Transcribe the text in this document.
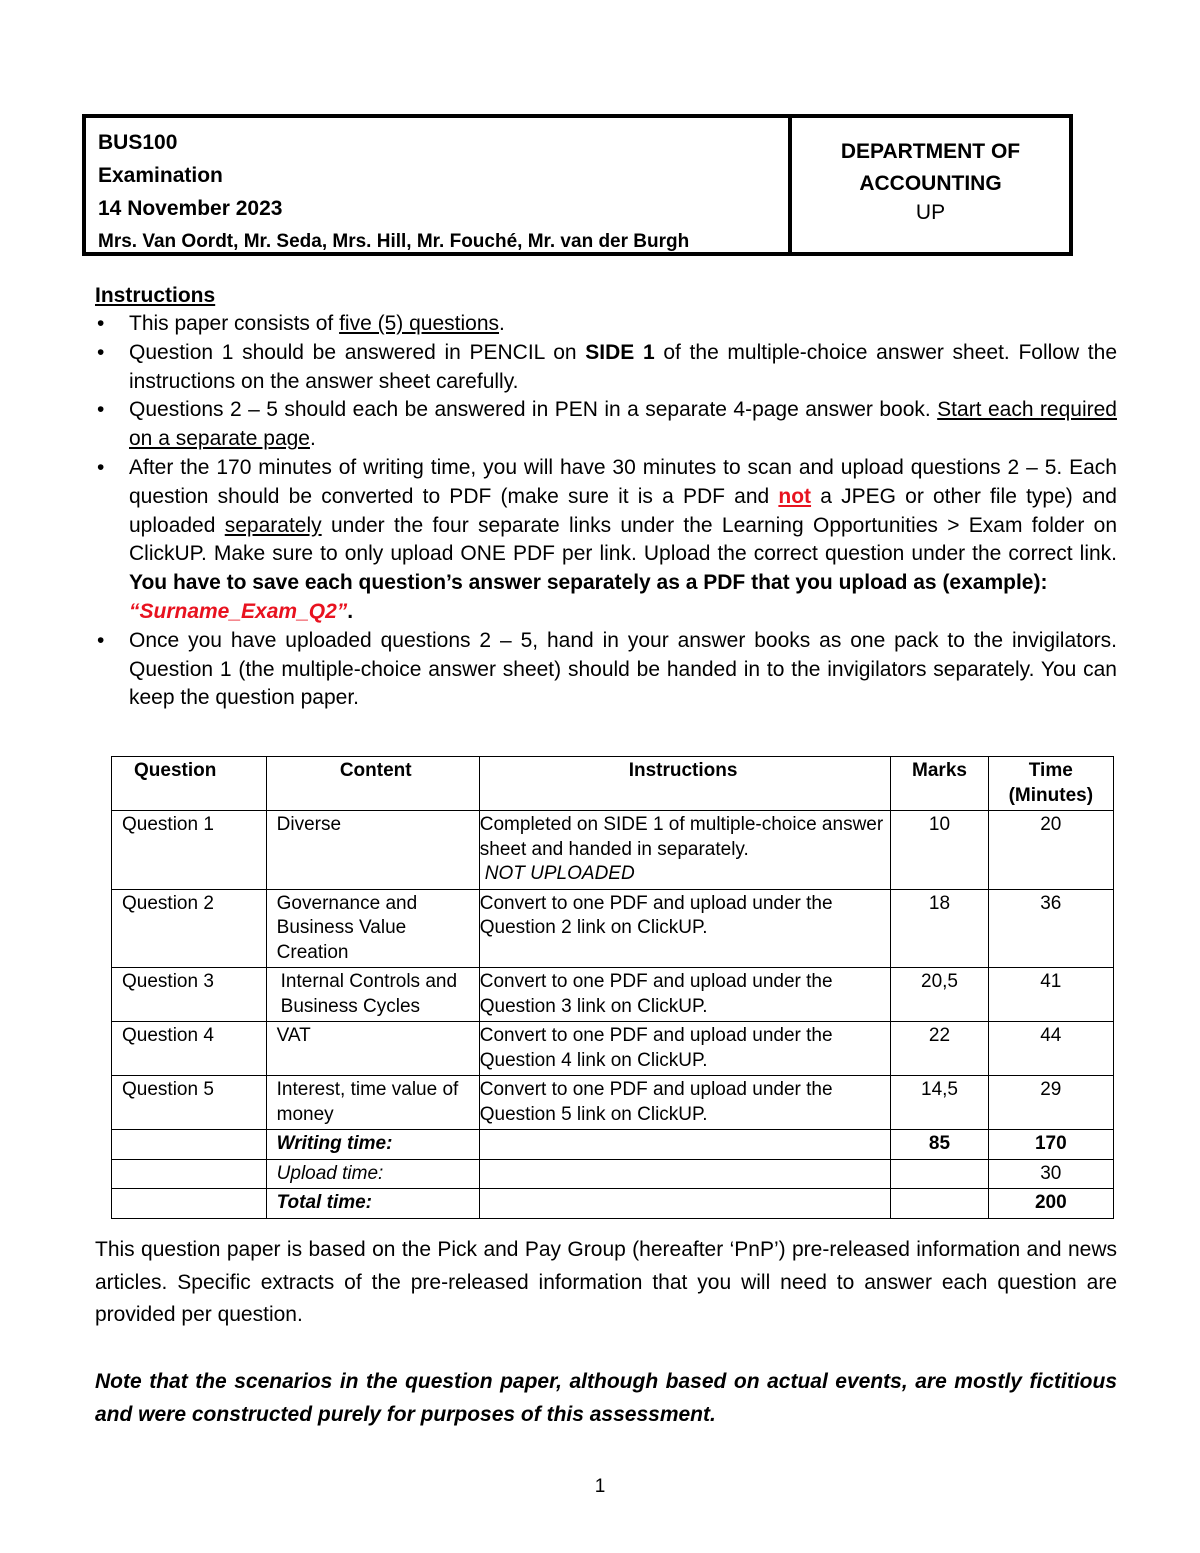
BUS100
Examination
14 November 2023
Mrs. Van Oordt, Mr. Seda, Mrs. Hill, Mr. Fouché, Mr. van der Burgh
DEPARTMENT OF
ACCOUNTING
UP
Instructions
• This paper consists of five (5) questions.
• Question 1 should be answered in PENCIL on SIDE 1 of the multiple-choice answer sheet. Follow the instructions on the answer sheet carefully.
• Questions 2 – 5 should each be answered in PEN in a separate 4-page answer book. Start each required on a separate page.
• After the 170 minutes of writing time, you will have 30 minutes to scan and upload questions 2 – 5. Each question should be converted to PDF (make sure it is a PDF and not a JPEG or other file type) and uploaded separately under the four separate links under the Learning Opportunities > Exam folder on ClickUP. Make sure to only upload ONE PDF per link. Upload the correct question under the correct link. You have to save each question’s answer separately as a PDF that you upload as (example):
“Surname_Exam_Q2”.
• Once you have uploaded questions 2 – 5, hand in your answer books as one pack to the invigilators. Question 1 (the multiple-choice answer sheet) should be handed in to the invigilators separately. You can keep the question paper.
Question	Content	Instructions	Marks	Time
(Minutes)
Question 1	Diverse	Completed on SIDE 1 of multiple-choice answer sheet and handed in separately.
NOT UPLOADED	10	20
Question 2	Governance and Business Value Creation	Convert to one PDF and upload under the Question 2 link on ClickUP.	18	36
Question 3	Internal Controls and Business Cycles	Convert to one PDF and upload under the Question 3 link on ClickUP.	20,5	41
Question 4	VAT	Convert to one PDF and upload under the Question 4 link on ClickUP.	22	44
Question 5	Interest, time value of money	Convert to one PDF and upload under the Question 5 link on ClickUP.	14,5	29
	Writing time:		85	170
	Upload time:			30
	Total time:			200
This question paper is based on the Pick and Pay Group (hereafter ‘PnP’) pre-released information and news articles. Specific extracts of the pre-released information that you will need to answer each question are provided per question.
Note that the scenarios in the question paper, although based on actual events, are mostly fictitious and were constructed purely for purposes of this assessment.
1
